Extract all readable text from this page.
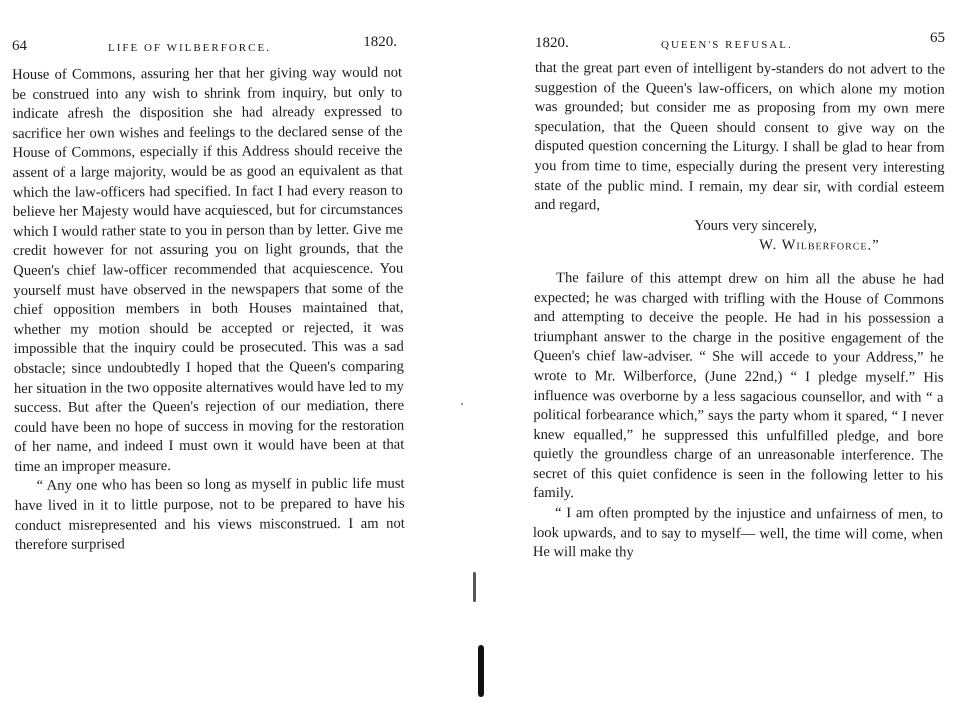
64	LIFE OF WILBERFORCE.	1820.

House of Commons, assuring her that her giving way would not be construed into any wish to shrink from inquiry, but only to indicate afresh the disposition she had already expressed to sacrifice her own wishes and feelings to the declared sense of the House of Commons, especially if this Address should receive the assent of a large majority, would be as good an equivalent as that which the law-officers had specified. In fact I had every reason to believe her Majesty would have acquiesced, but for circumstances which I would rather state to you in person than by letter. Give me credit however for not assuring you on light grounds, that the Queen's chief law-officer recommended that acquiescence. You yourself must have observed in the newspapers that some of the chief opposition members in both Houses maintained that, whether my motion should be accepted or rejected, it was impossible that the inquiry could be prosecuted. This was a sad obstacle; since undoubtedly I hoped that the Queen's comparing her situation in the two opposite alternatives would have led to my success. But after the Queen's rejection of our mediation, there could have been no hope of success in moving for the restoration of her name, and indeed I must own it would have been at that time an improper measure.

“ Any one who has been so long as myself in public life must have lived in it to little purpose, not to be prepared to have his conduct misrepresented and his views misconstrued. I am not therefore surprised

1820.	QUEEN'S REFUSAL.	65

that the great part even of intelligent by-standers do not advert to the suggestion of the Queen's law-officers, on which alone my motion was grounded; but consider me as proposing from my own mere speculation, that the Queen should consent to give way on the disputed question concerning the Liturgy. I shall be glad to hear from you from time to time, especially during the present very interesting state of the public mind. I remain, my dear sir, with cordial esteem and regard,

Yours very sincerely,

W. Wilberforce.”

The failure of this attempt drew on him all the abuse he had expected; he was charged with trifling with the House of Commons and attempting to deceive the people. He had in his possession a triumphant answer to the charge in the positive engagement of the Queen's chief law-adviser. “ She will accede to your Address,” he wrote to Mr. Wilberforce, (June 22nd,) “ I pledge myself.” His influence was overborne by a less sagacious counsellor, and with “ a political forbearance which,” says the party whom it spared, “ I never knew equalled,” he suppressed this unfulfilled pledge, and bore quietly the groundless charge of an unreasonable interference. The secret of this quiet confidence is seen in the following letter to his family.

“ I am often prompted by the injustice and unfairness of men, to look upwards, and to say to myself— well, the time will come, when He will make thy
